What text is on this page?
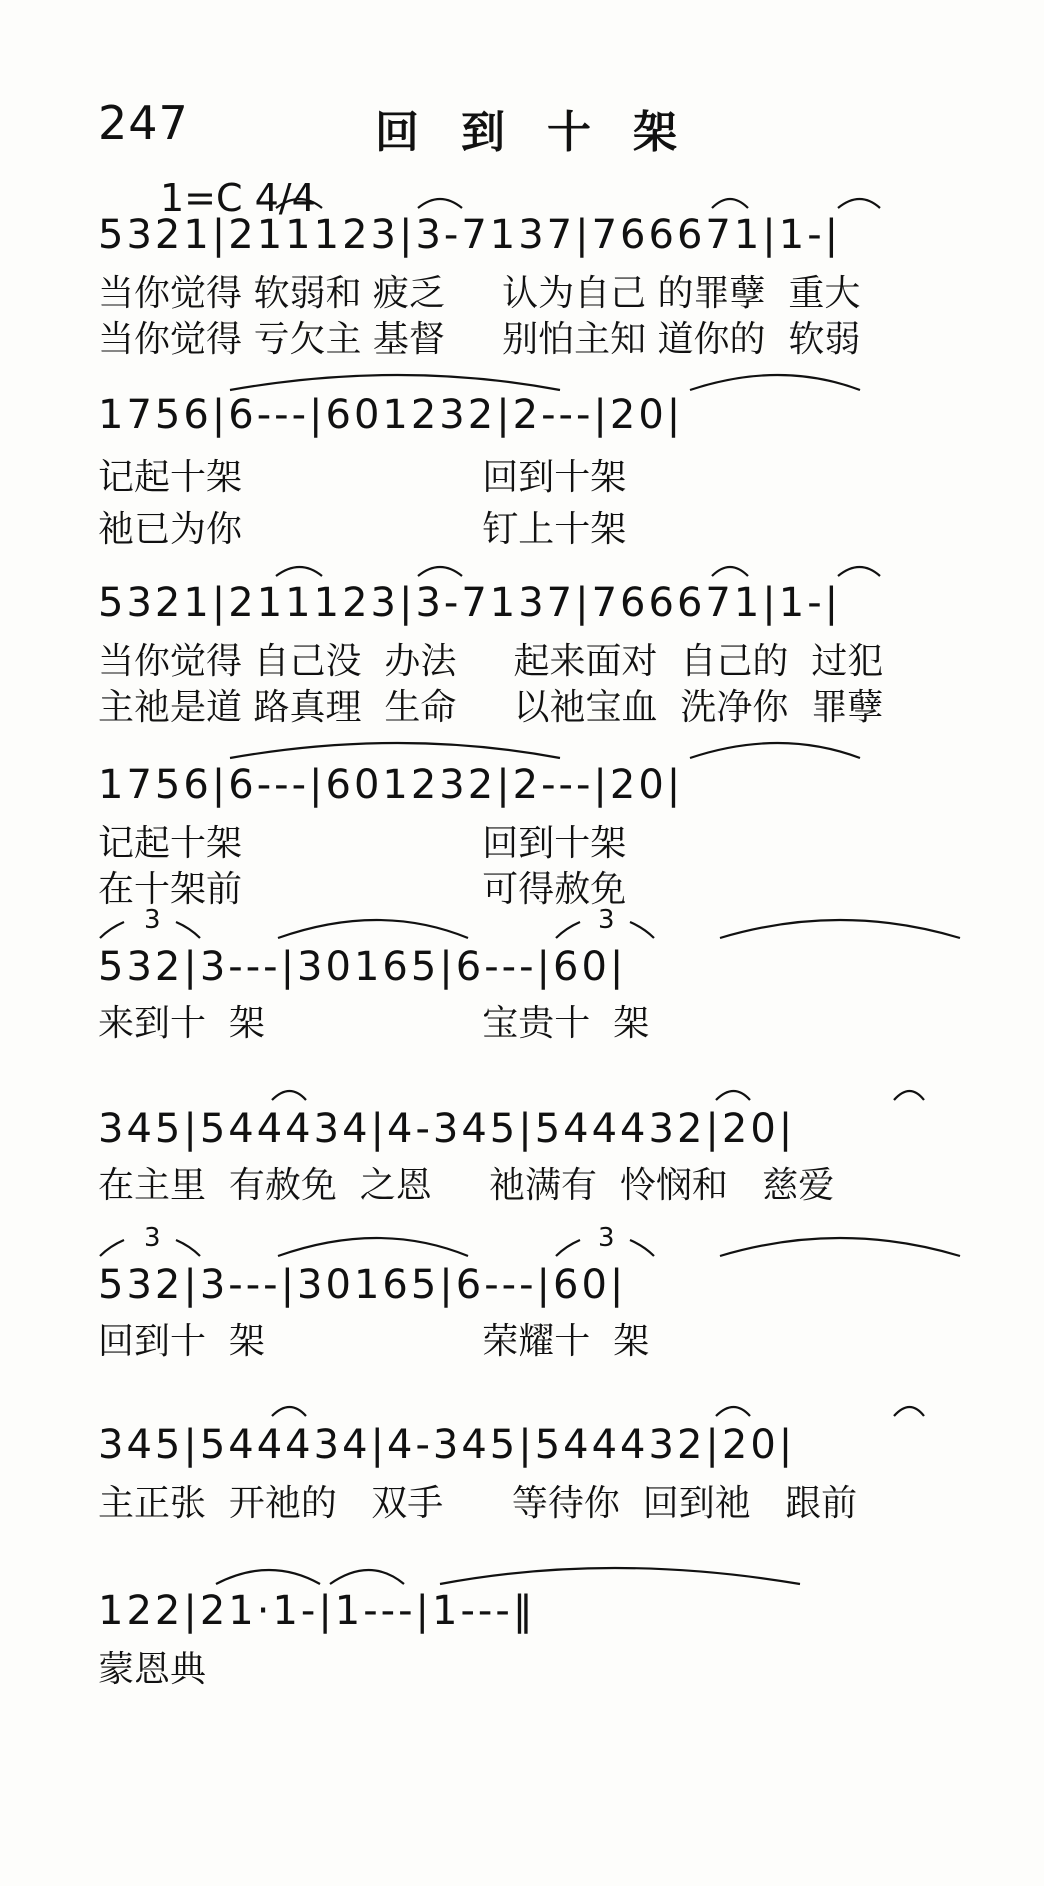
247	回到十架
1=C 4/4
5321|211123|3-7137|766671|1-|
当你觉得 软弱和 疲乏     认为自己 的罪孽  重大
当你觉得 亏欠主 基督     别怕主知 道你的  软弱
1756|6---|601232|2---|20|
记起十架                     回到十架
祂已为你                     钉上十架
5321|211123|3-7137|766671|1-|
当你觉得 自己没  办法     起来面对  自己的  过犯
主祂是道 路真理  生命     以祂宝血  洗净你  罪孽
1756|6---|601232|2---|20|
记起十架                     回到十架
在十架前                     可得赦免
532|3---|30165|6---|60|
来到十  架                   宝贵十  架
345|544434|4-345|544432|20|
在主里  有赦免  之恩     祂满有  怜悯和   慈爱
532|3---|30165|6---|60|
回到十  架                   荣耀十  架
345|544434|4-345|544432|20|
主正张  开祂的   双手      等待你  回到祂   跟前
122|21·1-|1---|1---‖
蒙恩典
3	3
3	3
